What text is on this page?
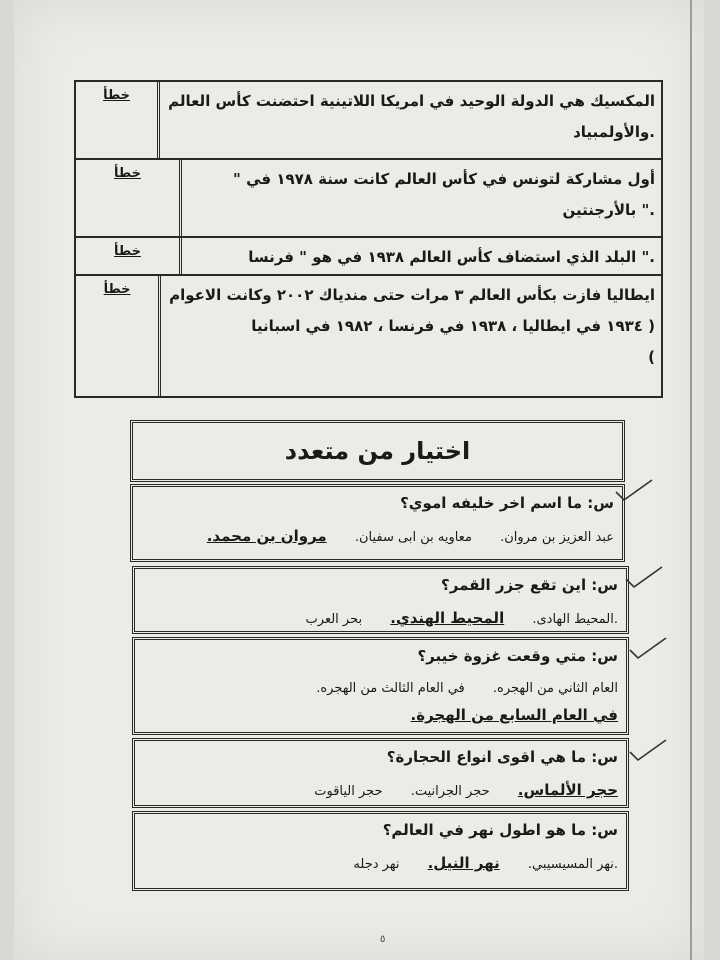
خطأ	المكسيك هي الدولة الوحيد في امريكا اللاتينية احتضنت كأس العالم
.والأولمبياد
خطأ	أول مشاركة لتونس في كأس العالم كانت سنة ١٩٧٨ في "
." بالأرجنتين
خطأ	." البلد الذي استضاف كأس العالم ١٩٣٨ في هو " فرنسا
خطأ	ايطاليا فازت بكأس العالم ٣ مرات حتى مندياك ٢٠٠٢ وكانت الاعوام
( ١٩٣٤ في ايطاليا ، ١٩٣٨ في فرنسا ، ١٩٨٢ في اسبانيا
)
اختيار من متعدد
س: ما اسم اخر خليفه اموي؟
عبد العزيز بن مروان. معاويه بن ابى سفيان. مروان بن محمد.
س: اين تقع جزر القمر؟
.المحيط الهادى. المحيط الهندي. بحر العرب
س: متي وقعت غزوة خيبر؟
العام الثاني من الهجره. في العام الثالث من الهجره. في العام السابع من الهجرة.
س: ما هي اقوى انواع الحجارة؟
حجر الألماس. حجر الجرانيت. حجر الياقوت
س: ما هو اطول نهر في العالم؟
.نهر المسيسيبي. نهر النيل. نهر دجله
٥
